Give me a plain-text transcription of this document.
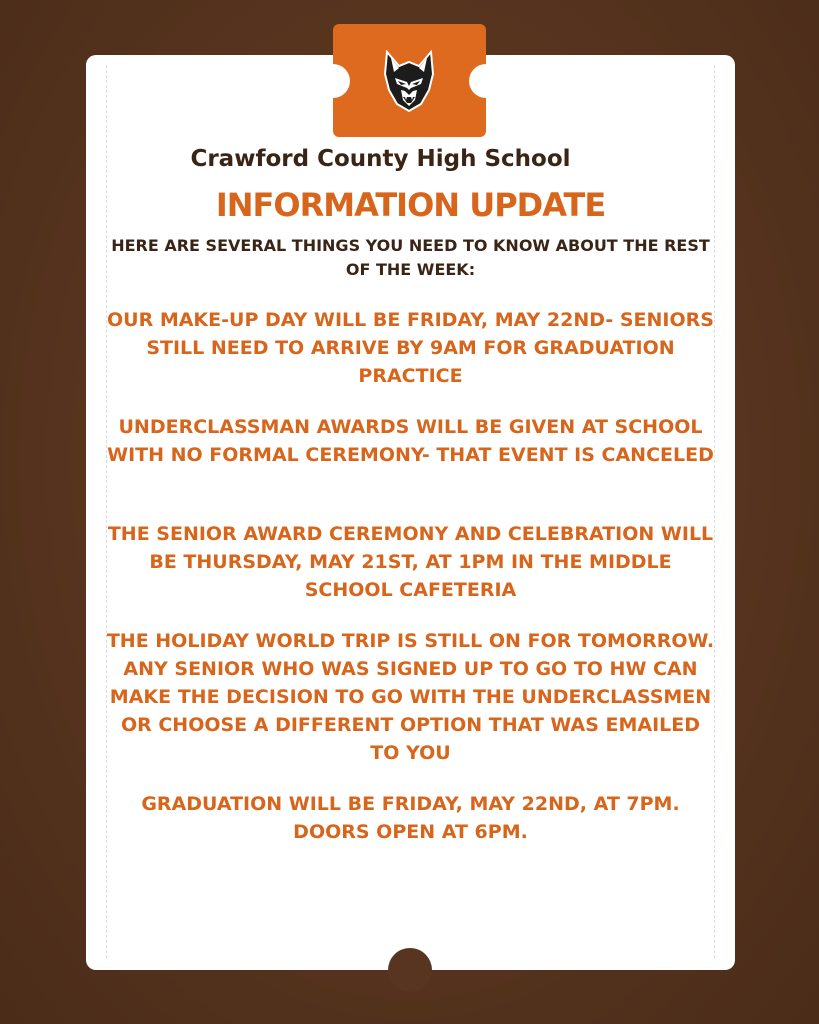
Crawford County High School
INFORMATION UPDATE

HERE ARE SEVERAL THINGS YOU NEED TO KNOW ABOUT THE REST OF THE WEEK:

OUR MAKE-UP DAY WILL BE FRIDAY, MAY 22ND- SENIORS STILL NEED TO ARRIVE BY 9AM FOR GRADUATION PRACTICE

UNDERCLASSMAN AWARDS WILL BE GIVEN AT SCHOOL WITH NO FORMAL CEREMONY- THAT EVENT IS CANCELED

THE SENIOR AWARD CEREMONY AND CELEBRATION WILL BE THURSDAY, MAY 21ST, AT 1PM IN THE MIDDLE SCHOOL CAFETERIA

THE HOLIDAY WORLD TRIP IS STILL ON FOR TOMORROW. ANY SENIOR WHO WAS SIGNED UP TO GO TO HW CAN MAKE THE DECISION TO GO WITH THE UNDERCLASSMEN OR CHOOSE A DIFFERENT OPTION THAT WAS EMAILED TO YOU

GRADUATION WILL BE FRIDAY, MAY 22ND, AT 7PM. DOORS OPEN AT 6PM.
